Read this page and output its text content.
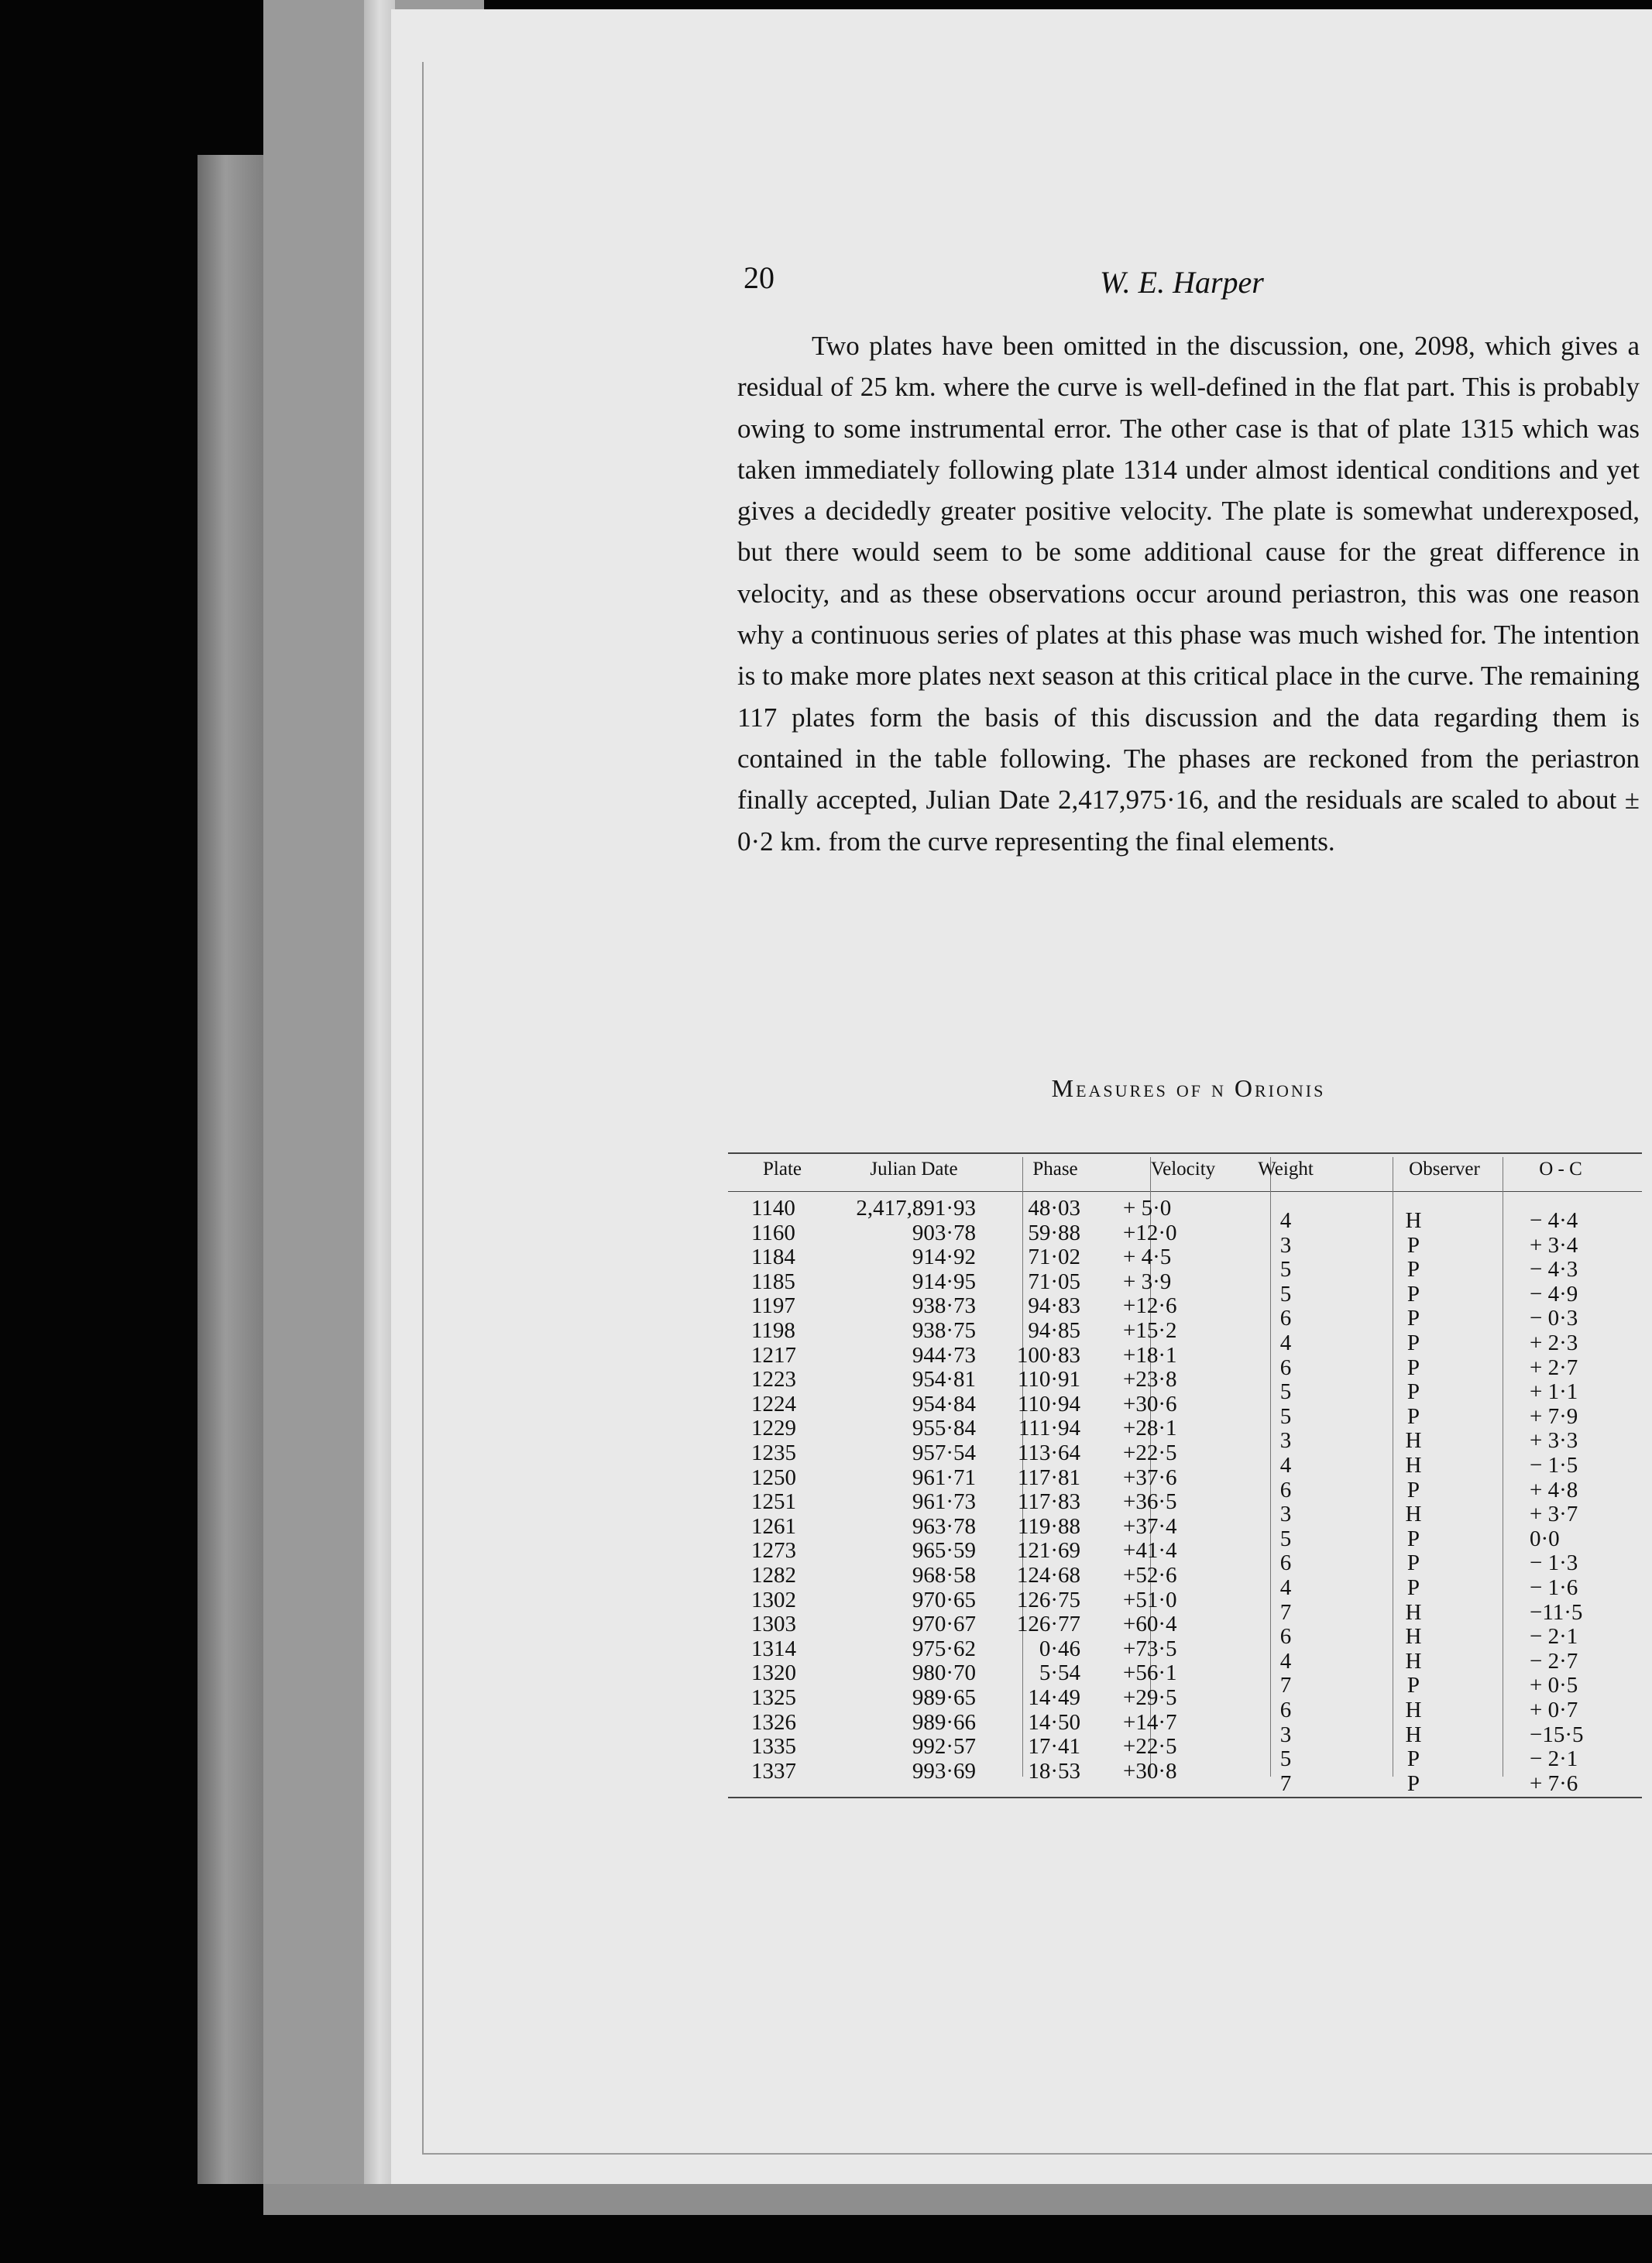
20	W. E. Harper

Two plates have been omitted in the discussion, one, 2098, which gives a residual of 25 km. where the curve is well-defined in the flat part. This is probably owing to some instrumental error. The other case is that of plate 1315 which was taken immediately following plate 1314 under almost identical conditions and yet gives a decidedly greater positive velocity. The plate is somewhat underexposed, but there would seem to be some additional cause for the great difference in velocity, and as these observations occur around periastron, this was one reason why a continuous series of plates at this phase was much wished for. The intention is to make more plates next season at this critical place in the curve. The remaining 117 plates form the basis of this discussion and the data regarding them is contained in the table following. The phases are reckoned from the periastron finally accepted, Julian Date 2,417,975·16, and the residuals are scaled to about ± 0·2 km. from the curve representing the final elements.

Measures of ν Orionis
Plate	Julian Date	Phase	Velocity	Weight	Observer	O - C
1140	2,417,891·93	48·03 + 5·0	4	H	− 4·4
1160	903·78	59·88 +12·0	3	P	+ 3·4
1184	914·92	71·02 + 4·5	5	P	− 4·3
1185	914·95	71·05 + 3·9	5	P	− 4·9
1197	938·73	94·83 +12·6	6	P	− 0·3
1198	938·75	94·85 +15·2	4	P	+ 2·3
1217	944·73	100·83 +18·1	6	P	+ 2·7
1223	954·81	110·91 +23·8	5	P	+ 1·1
1224	954·84	110·94 +30·6	5	P	+ 7·9
1229	955·84	111·94 +28·1	3	H	+ 3·3
1235	957·54	113·64 +22·5	4	H	− 1·5
1250	961·71	117·81 +37·6	6	P	+ 4·8
1251	961·73	117·83 +36·5	3	H	+ 3·7
1261	963·78	119·88 +37·4	5	P	0·0
1273	965·59	121·69 +41·4	6	P	− 1·3
1282	968·58	124·68 +52·6	4	P	− 1·6
1302	970·65	126·75 +51·0	7	H	−11·5
1303	970·67	126·77 +60·4	6	H	− 2·1
1314	975·62	0·46 +73·5	4	H	− 2·7
1320	980·70	5·54 +56·1	7	P	+ 0·5
1325	989·65	14·49 +29·5	6	H	+ 0·7
1326	989·66	14·50 +14·7	3	H	−15·5
1335	992·57	17·41 +22·5	5	P	− 2·1
1337	993·69	18·53 +30·8	7	P	+ 7·6
